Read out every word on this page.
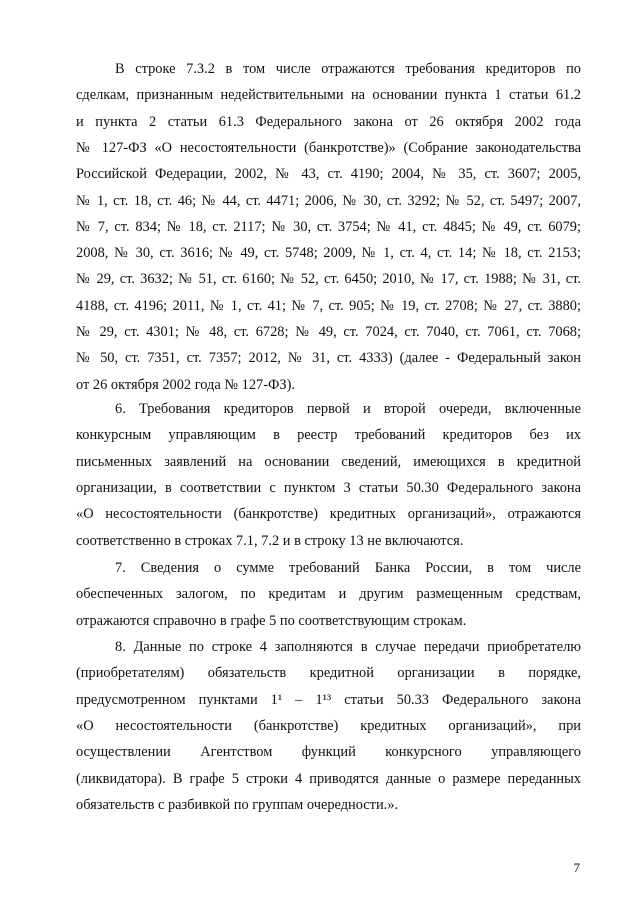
В строке 7.3.2 в том числе отражаются требования кредиторов по
сделкам, признанным недействительными на основании пункта 1 статьи 61.2
и пункта 2 статьи 61.3 Федерального закона от 26 октября 2002 года
№ 127-ФЗ «О несостоятельности (банкротстве)» (Собрание законодательства
Российской Федерации, 2002, № 43, ст. 4190; 2004, № 35, ст. 3607; 2005,
№ 1, ст. 18, ст. 46; № 44, ст. 4471; 2006, № 30, ст. 3292; № 52, ст. 5497; 2007,
№ 7, ст. 834; № 18, ст. 2117; № 30, ст. 3754; № 41, ст. 4845; № 49, ст. 6079;
2008, № 30, ст. 3616; № 49, ст. 5748; 2009, № 1, ст. 4, ст. 14; № 18, ст. 2153;
№ 29, ст. 3632; № 51, ст. 6160; № 52, ст. 6450; 2010, № 17, ст. 1988; № 31, ст.
4188, ст. 4196; 2011, № 1, ст. 41; № 7, ст. 905; № 19, ст. 2708; № 27, ст. 3880;
№ 29, ст. 4301; № 48, ст. 6728; № 49, ст. 7024, ст. 7040, ст. 7061, ст. 7068;
№ 50, ст. 7351, ст. 7357; 2012, № 31, ст. 4333) (далее - Федеральный закон
от 26 октября 2002 года № 127-ФЗ).
6. Требования кредиторов первой и второй очереди, включенные
конкурсным управляющим в реестр требований кредиторов без их
письменных заявлений на основании сведений, имеющихся в кредитной
организации, в соответствии с пунктом 3 статьи 50.30 Федерального закона
«О несостоятельности (банкротстве) кредитных организаций», отражаются
соответственно в строках 7.1, 7.2 и в строку 13 не включаются.
7. Сведения о сумме требований Банка России, в том числе
обеспеченных залогом, по кредитам и другим размещенным средствам,
отражаются справочно в графе 5 по соответствующим строкам.
8. Данные по строке 4 заполняются в случае передачи приобретателю
(приобретателям) обязательств кредитной организации в порядке,
предусмотренном пунктами 1¹ – 1¹³ статьи 50.33 Федерального закона
«О несостоятельности (банкротстве) кредитных организаций», при
осуществлении Агентством функций конкурсного управляющего
(ликвидатора). В графе 5 строки 4 приводятся данные о размере переданных
обязательств с разбивкой по группам очередности.».
7
